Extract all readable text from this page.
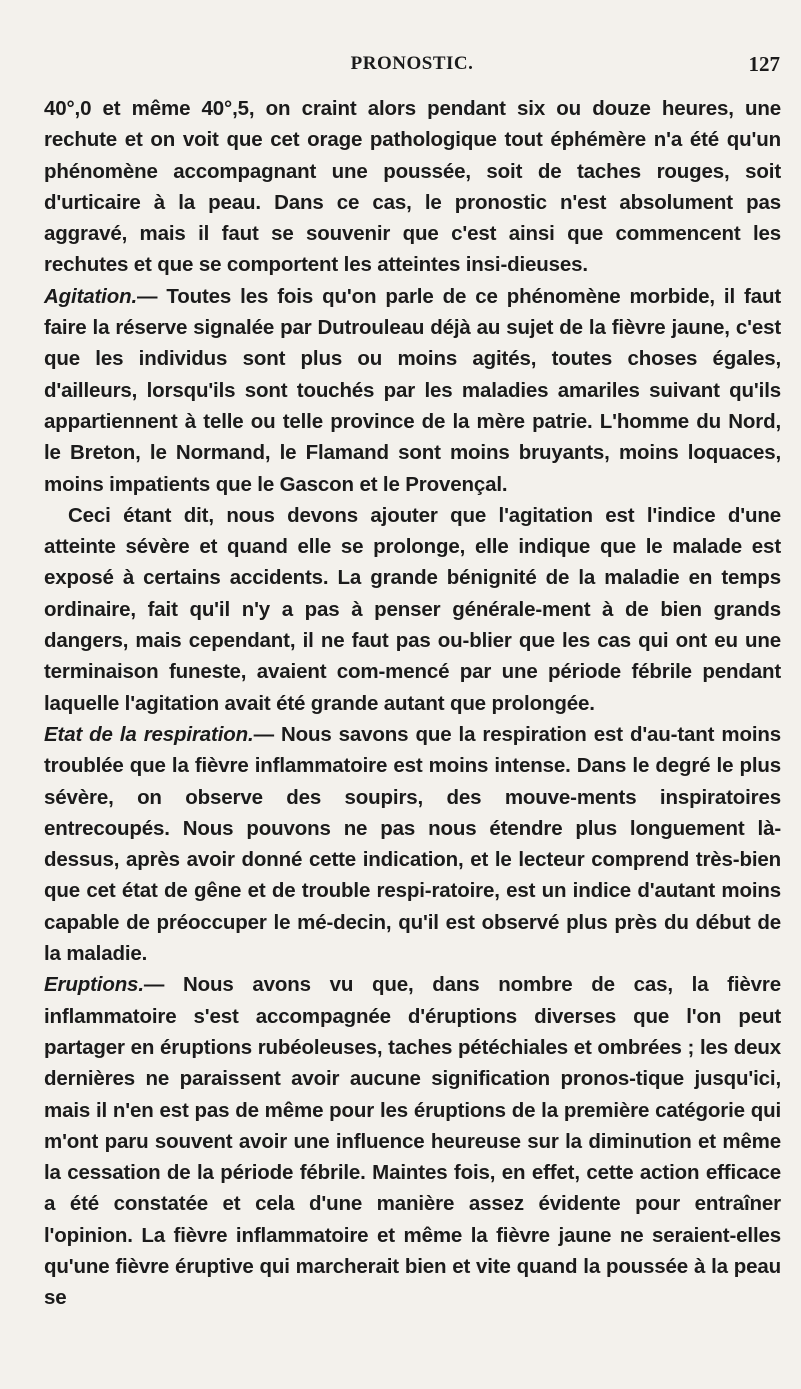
PRONOSTIC.	127

40°,0 et même 40°,5, on craint alors pendant six ou douze heures, une rechute et on voit que cet orage pathologique tout éphémère n'a été qu'un phénomène accompagnant une poussée, soit de taches rouges, soit d'urticaire à la peau. Dans ce cas, le pronostic n'est absolument pas aggravé, mais il faut se souvenir que c'est ainsi que commencent les rechutes et que se comportent les atteintes insi-dieuses.

Agitation.— Toutes les fois qu'on parle de ce phénomène morbide, il faut faire la réserve signalée par Dutrouleau déjà au sujet de la fièvre jaune, c'est que les individus sont plus ou moins agités, toutes choses égales, d'ailleurs, lorsqu'ils sont touchés par les maladies amariles suivant qu'ils appartiennent à telle ou telle province de la mère patrie. L'homme du Nord, le Breton, le Normand, le Flamand sont moins bruyants, moins loquaces, moins impatients que le Gascon et le Provençal.

Ceci étant dit, nous devons ajouter que l'agitation est l'indice d'une atteinte sévère et quand elle se prolonge, elle indique que le malade est exposé à certains accidents. La grande bénignité de la maladie en temps ordinaire, fait qu'il n'y a pas à penser générale-ment à de bien grands dangers, mais cependant, il ne faut pas ou-blier que les cas qui ont eu une terminaison funeste, avaient com-mencé par une période fébrile pendant laquelle l'agitation avait été grande autant que prolongée.

Etat de la respiration.— Nous savons que la respiration est d'au-tant moins troublée que la fièvre inflammatoire est moins intense. Dans le degré le plus sévère, on observe des soupirs, des mouve-ments inspiratoires entrecoupés. Nous pouvons ne pas nous étendre plus longuement là-dessus, après avoir donné cette indication, et le lecteur comprend très-bien que cet état de gêne et de trouble respi-ratoire, est un indice d'autant moins capable de préoccuper le mé-decin, qu'il est observé plus près du début de la maladie.

Eruptions.— Nous avons vu que, dans nombre de cas, la fièvre inflammatoire s'est accompagnée d'éruptions diverses que l'on peut partager en éruptions rubéoleuses, taches pétéchiales et ombrées ; les deux dernières ne paraissent avoir aucune signification pronos-tique jusqu'ici, mais il n'en est pas de même pour les éruptions de la première catégorie qui m'ont paru souvent avoir une influence heureuse sur la diminution et même la cessation de la période fébrile. Maintes fois, en effet, cette action efficace a été constatée et cela d'une manière assez évidente pour entraîner l'opinion. La fièvre inflammatoire et même la fièvre jaune ne seraient-elles qu'une fièvre éruptive qui marcherait bien et vite quand la poussée à la peau se
